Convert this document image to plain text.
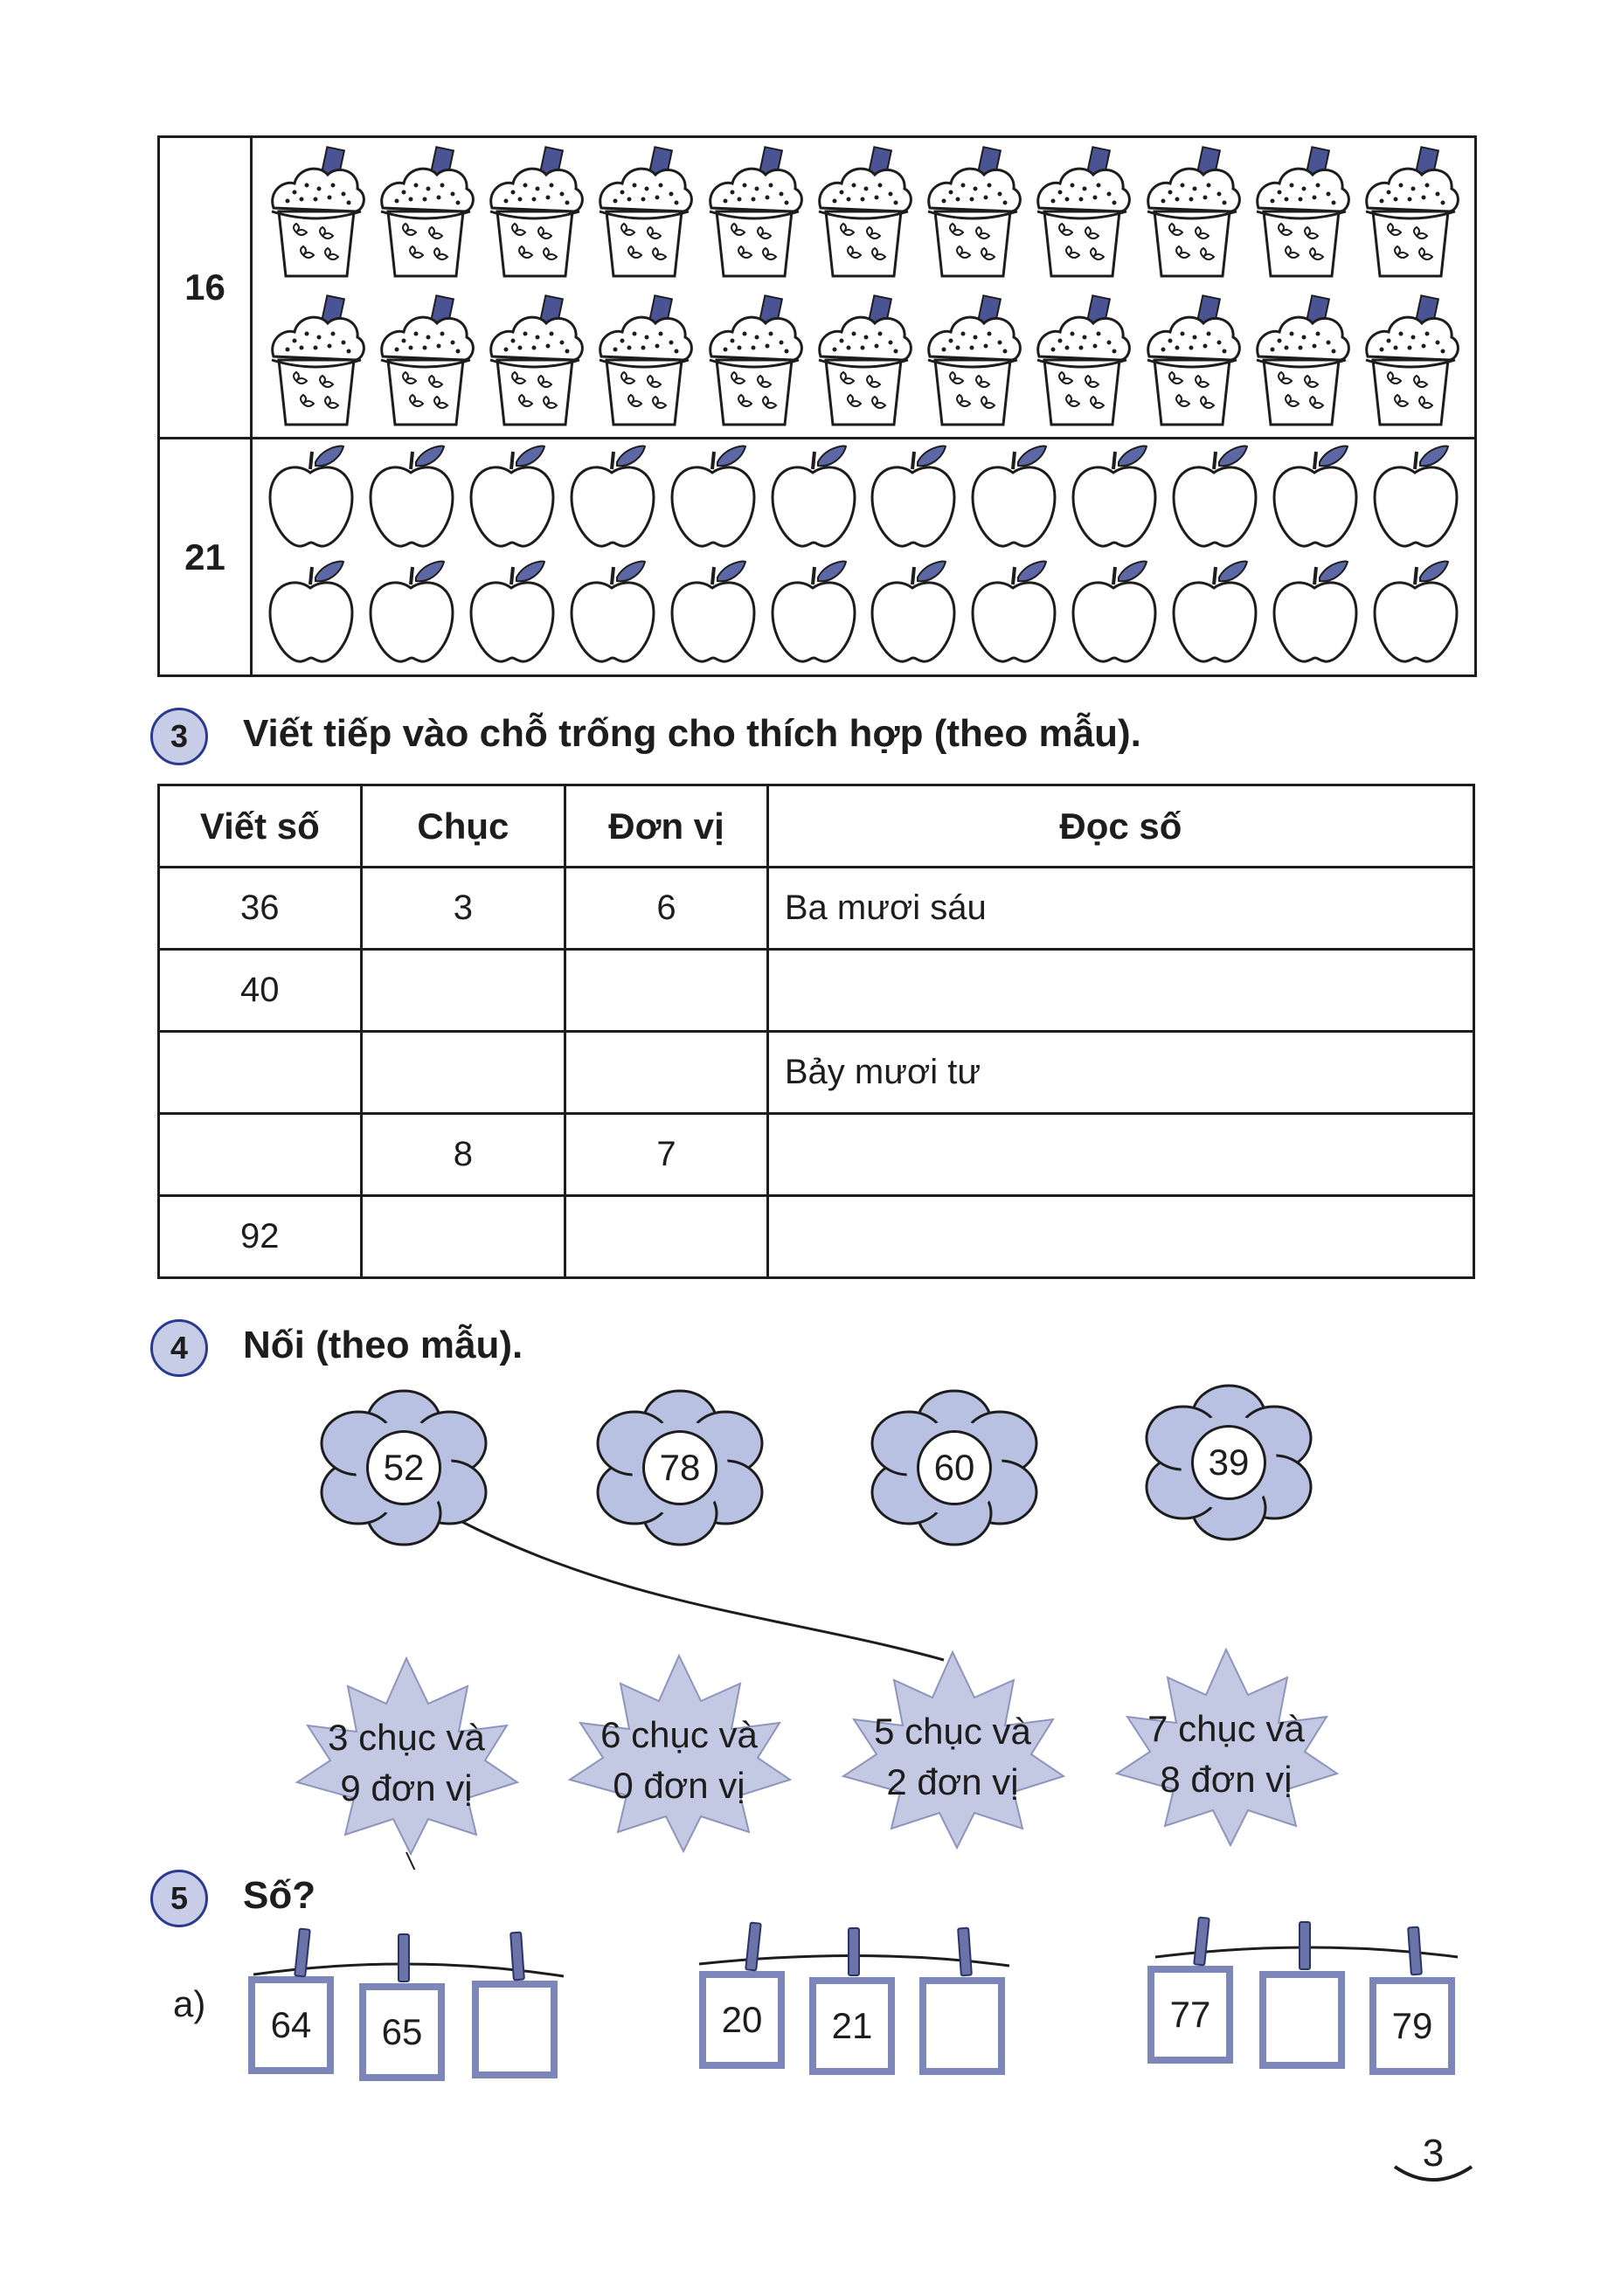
16
21
3	Viết tiếp vào chỗ trống cho thích hợp (theo mẫu).
Viết số	Chục	Đơn vị	Đọc số
36	3	6	Ba mươi sáu
40			
			Bảy mươi tư
	8	7	
92			
4	Nối (theo mẫu).
52	78	60	39
3 chục và
9 đơn vị
6 chục và
0 đơn vị
5 chục và
2 đơn vị
7 chục và
8 đơn vị
5	Số?
a)
64	65	20	21	77	79
3
